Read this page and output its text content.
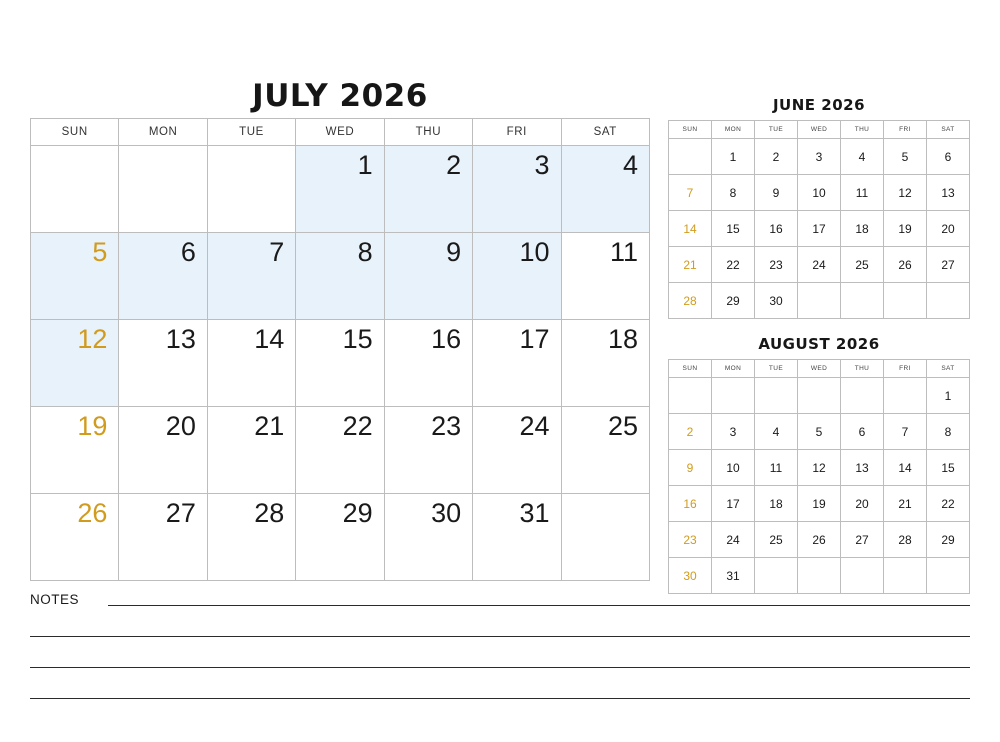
JULY 2026
SUN	MON	TUE	WED	THU	FRI	SAT

			1	2	3	4

5	6	7	8	9	10	11

12	13	14	15	16	17	18

19	20	21	22	23	24	25

26	27	28	29	30	31	

JUNE 2026
SUN	MON	TUE	WED	THU	FRI	SAT
	1	2	3	4	5	6
7	8	9	10	11	12	13
14	15	16	17	18	19	20
21	22	23	24	25	26	27
28	29	30				
AUGUST 2026
SUN	MON	TUE	WED	THU	FRI	SAT
						1
2	3	4	5	6	7	8
9	10	11	12	13	14	15
16	17	18	19	20	21	22
23	24	25	26	27	28	29
30	31					
NOTES
